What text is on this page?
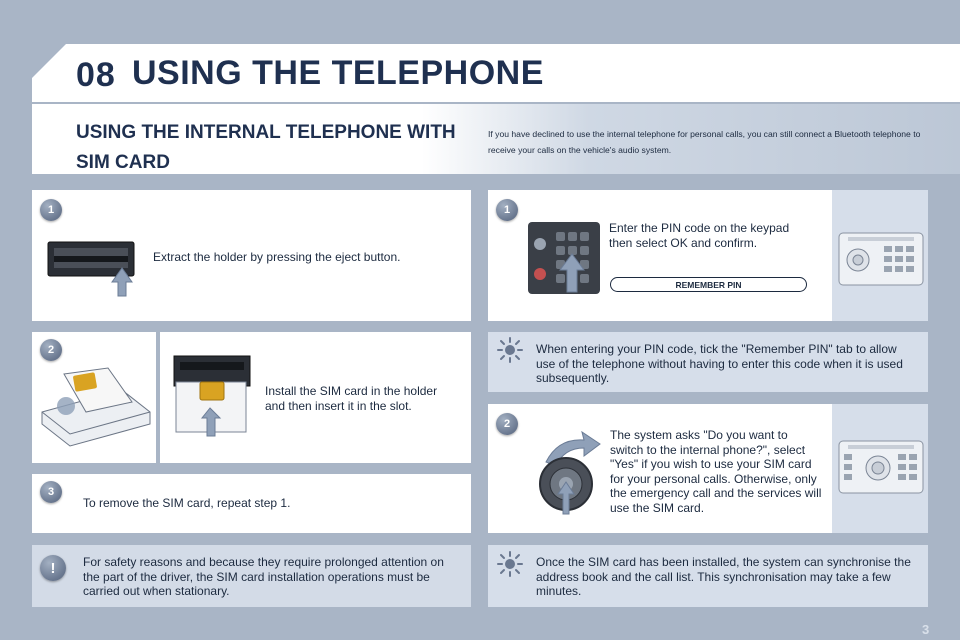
08 USING THE TELEPHONE
USING THE INTERNAL TELEPHONE WITH SIM CARD
If you have declined to use the internal telephone for personal calls, you can still connect a Bluetooth telephone to receive your calls on the vehicle's audio system.
1
Extract the holder by pressing the eject button.
2
Install the SIM card in the holder and then insert it in the slot.
3
To remove the SIM card, repeat step 1.
!	For safety reasons and because they require prolonged attention on the part of the driver, the SIM card installation operations must be carried out when stationary.
1
Enter the PIN code on the keypad then select OK and confirm.
REMEMBER PIN
When entering your PIN code, tick the "Remember PIN" tab to allow use of the telephone without having to enter this code when it is used subsequently.
2
The system asks "Do you want to switch to the internal phone?", select "Yes" if you wish to use your SIM card for your personal calls. Otherwise, only the emergency call and the services will use the SIM card.
Once the SIM card has been installed, the system can synchronise the address book and the call list. This synchronisation may take a few minutes.
3
